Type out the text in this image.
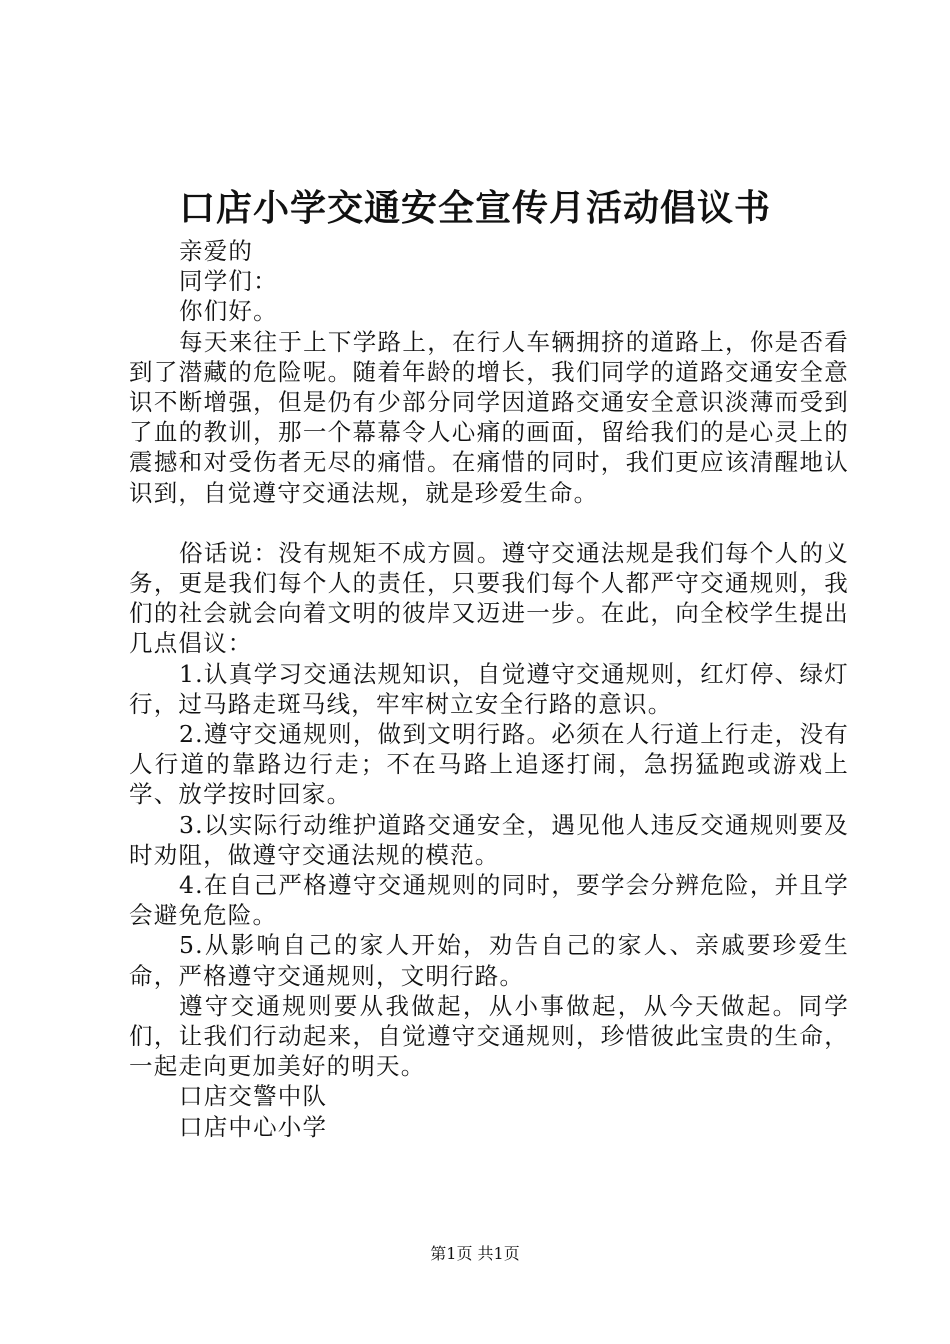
口店小学交通安全宣传月活动倡议书
亲爱的
同学们：
你们好。

每天来往于上下学路上，在行人车辆拥挤的道路上，你是否看到了潜藏的危险呢。随着年龄的增长，我们同学的道路交通安全意识不断增强，但是仍有少部分同学因道路交通安全意识淡薄而受到了血的教训，那一个幕幕令人心痛的画面，留给我们的是心灵上的震撼和对受伤者无尽的痛惜。在痛惜的同时，我们更应该清醒地认识到，自觉遵守交通法规，就是珍爱生命。

俗话说：没有规矩不成方圆。遵守交通法规是我们每个人的义务，更是我们每个人的责任，只要我们每个人都严守交通规则，我们的社会就会向着文明的彼岸又迈进一步。在此，向全校学生提出几点倡议：

1.认真学习交通法规知识，自觉遵守交通规则，红灯停、绿灯行，过马路走斑马线，牢牢树立安全行路的意识。

2.遵守交通规则，做到文明行路。必须在人行道上行走，没有人行道的靠路边行走；不在马路上追逐打闹，急拐猛跑或游戏上学、放学按时回家。

3.以实际行动维护道路交通安全，遇见他人违反交通规则要及时劝阻，做遵守交通法规的模范。

4.在自己严格遵守交通规则的同时，要学会分辨危险，并且学会避免危险。

5.从影响自己的家人开始，劝告自己的家人、亲戚要珍爱生命，严格遵守交通规则，文明行路。

遵守交通规则要从我做起，从小事做起，从今天做起。同学们，让我们行动起来，自觉遵守交通规则，珍惜彼此宝贵的生命，一起走向更加美好的明天。

口店交警中队
口店中心小学
第1页 共1页
